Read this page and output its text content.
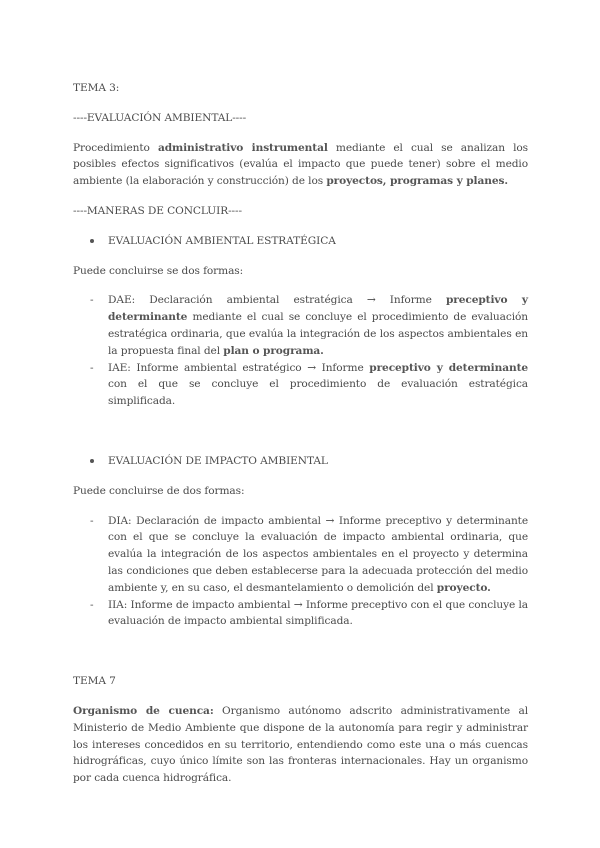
TEMA 3:

----EVALUACIÓN AMBIENTAL----

Procedimiento administrativo instrumental mediante el cual se analizan los posibles efectos significativos (evalúa el impacto que puede tener) sobre el medio ambiente (la elaboración y construcción) de los proyectos, programas y planes.

----MANERAS DE CONCLUIR----

EVALUACIÓN AMBIENTAL ESTRATÉGICA

Puede concluirse se dos formas:

- DAE: Declaración ambiental estratégica → Informe preceptivo y determinante mediante el cual se concluye el procedimiento de evaluación estratégica ordinaria, que evalúa la integración de los aspectos ambientales en la propuesta final del plan o programa.
- IAE: Informe ambiental estratégico → Informe preceptivo y determinante con el que se concluye el procedimiento de evaluación estratégica simplificada.
EVALUACIÓN DE IMPACTO AMBIENTAL

Puede concluirse de dos formas:

- DIA: Declaración de impacto ambiental → Informe preceptivo y determinante con el que se concluye la evaluación de impacto ambiental ordinaria, que evalúa la integración de los aspectos ambientales en el proyecto y determina las condiciones que deben establecerse para la adecuada protección del medio ambiente y, en su caso, el desmantelamiento o demolición del proyecto.
- IIA: Informe de impacto ambiental → Informe preceptivo con el que concluye la evaluación de impacto ambiental simplificada.

TEMA 7

Organismo de cuenca: Organismo autónomo adscrito administrativamente al Ministerio de Medio Ambiente que dispone de la autonomía para regir y administrar los intereses concedidos en su territorio, entendiendo como este una o más cuencas hidrográficas, cuyo único límite son las fronteras internacionales. Hay un organismo por cada cuenca hidrográfica.
